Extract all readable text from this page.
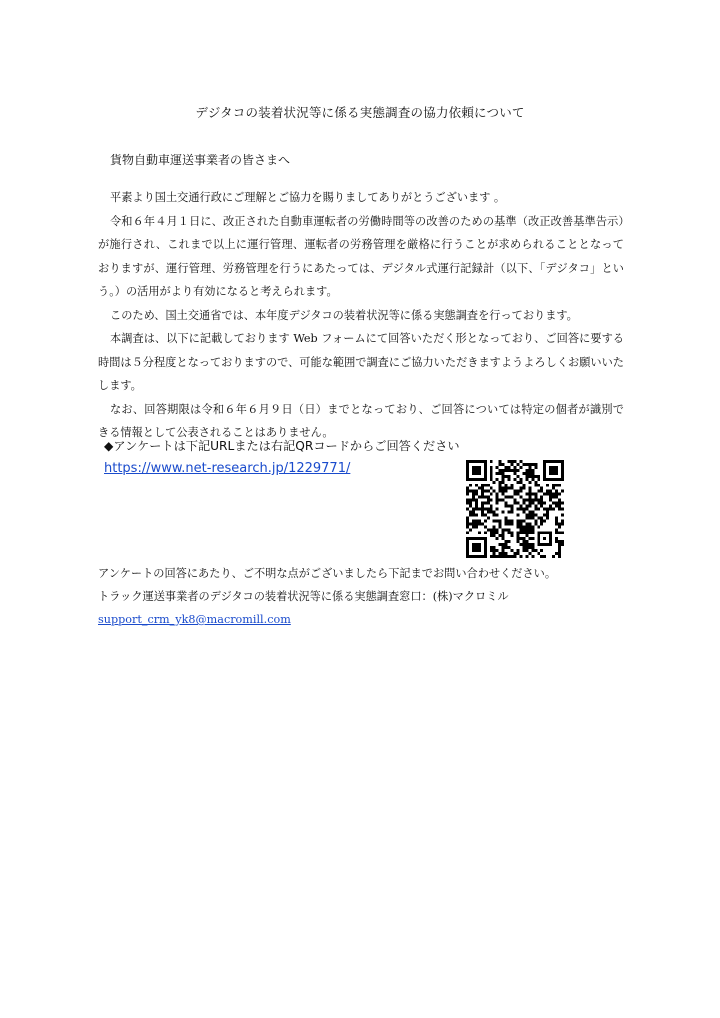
デジタコの装着状況等に係る実態調査の協力依頼について
貨物自動車運送事業者の皆さまへ

平素より国土交通行政にご理解とご協力を賜りましてありがとうございます 。

令和６年４月１日に、改正された自動車運転者の労働時間等の改善のための基準（改正改善基準告示）が施行され、これまで以上に運行管理、運転者の労務管理を厳格に行うことが求められることとなっておりますが、運行管理、労務管理を行うにあたっては、デジタル式運行記録計（以下、「デジタコ」という。）の活用がより有効になると考えられます。

このため、国土交通省では、本年度デジタコの装着状況等に係る実態調査を行っております。

本調査は、以下に記載しております Web フォームにて回答いただく形となっており、ご回答に要する時間は５分程度となっておりますので、可能な範囲で調査にご協力いただきますようよろしくお願いいたします。

なお、回答期限は令和６年６月９日（日）までとなっており、ご回答については特定の個者が識別できる情報として公表されることはありません。

◆アンケートは下記URLまたは右記QRコードからご回答ください
https://www.net-research.jp/1229771/
アンケートの回答にあたり、ご不明な点がございましたら下記までお問い合わせください。
トラック運送事業者のデジタコの装着状況等に係る実態調査窓口：(株)マクロミル
support_crm_yk8@macromill.com
